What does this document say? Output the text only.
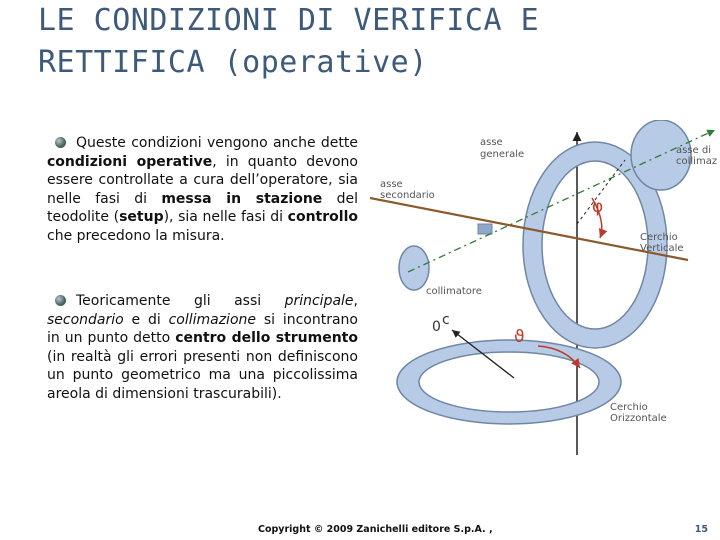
LE CONDIZIONI DI VERIFICA E RETTIFICA (operative)

Queste condizioni vengono anche dette condizioni operative, in quanto devono essere controllate a cura dell’operatore, sia nelle fasi di messa in stazione del teodolite (setup), sia nelle fasi di controllo che precedono la misura.

Teoricamente gli assi principale, secondario e di collimazione si incontrano in un punto detto centro dello strumento (in realtà gli errori presenti non definiscono un punto geometrico ma una piccolissima areola di dimensioni trascurabili).

0 c
ϑ
φ
asse
generale
asse
secondario
asse di
collimaz
collimatore
Cerchio
Verticale
Cerchio
Orizzontale
Copyright © 2009 Zanichelli editore S.p.A. ,	15
